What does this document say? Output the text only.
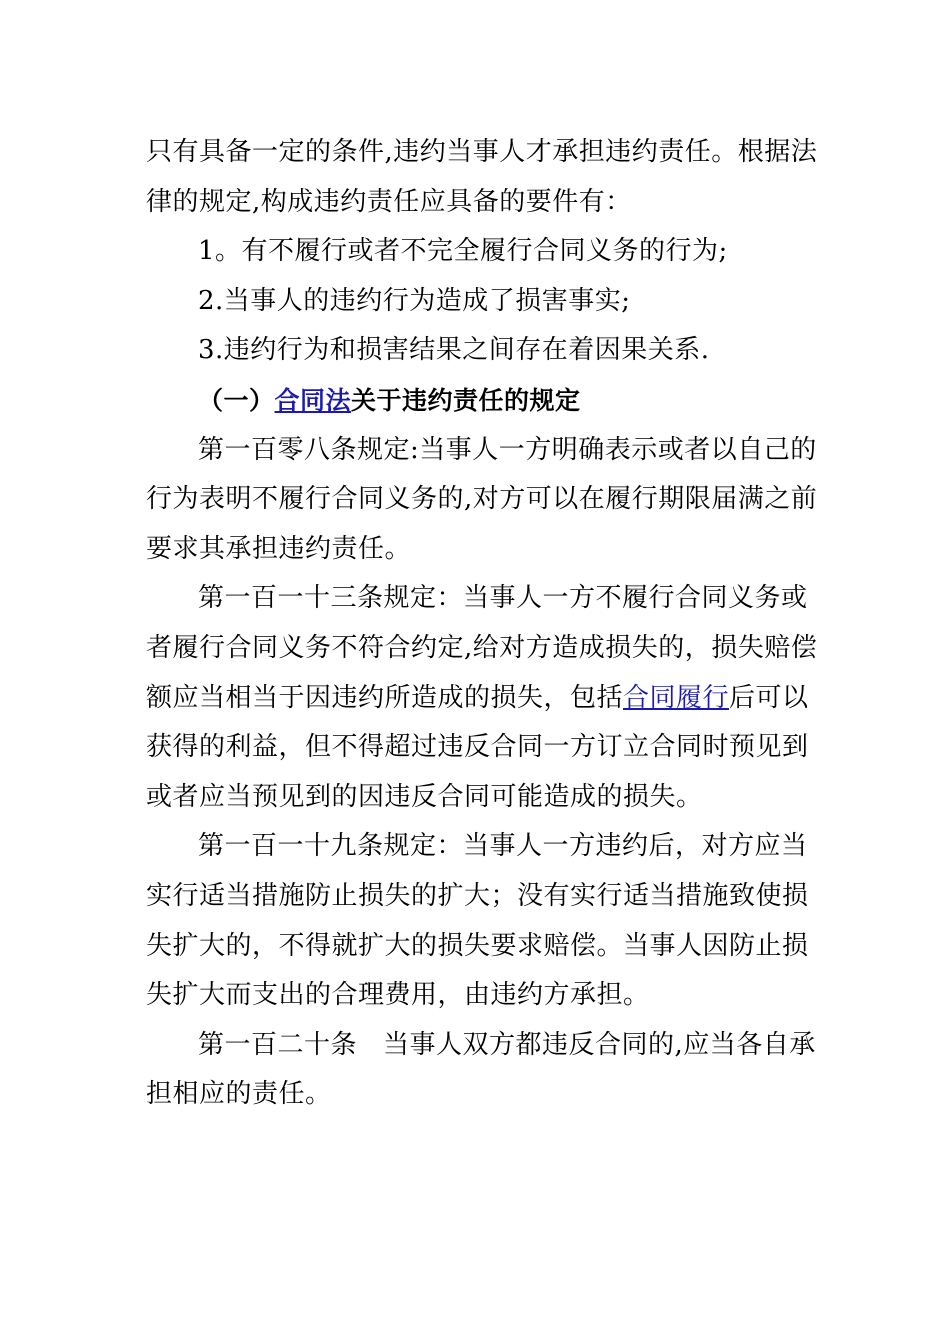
只有具备一定的条件,违约当事人才承担违约责任。根据法
律的规定,构成违约责任应具备的要件有：
1。有不履行或者不完全履行合同义务的行为;
2.当事人的违约行为造成了损害事实;
3.违约行为和损害结果之间存在着因果关系.
（一）合同法关于违约责任的规定
第一百零八条规定:当事人一方明确表示或者以自己的
行为表明不履行合同义务的,对方可以在履行期限届满之前
要求其承担违约责任。
第一百一十三条规定：当事人一方不履行合同义务或
者履行合同义务不符合约定,给对方造成损失的，损失赔偿
额应当相当于因违约所造成的损失，包括合同履行后可以
获得的利益，但不得超过违反合同一方订立合同时预见到
或者应当预见到的因违反合同可能造成的损失。
第一百一十九条规定：当事人一方违约后，对方应当
实行适当措施防止损失的扩大；没有实行适当措施致使损
失扩大的，不得就扩大的损失要求赔偿。当事人因防止损
失扩大而支出的合理费用，由违约方承担。
第一百二十条 当事人双方都违反合同的,应当各自承
担相应的责任。
